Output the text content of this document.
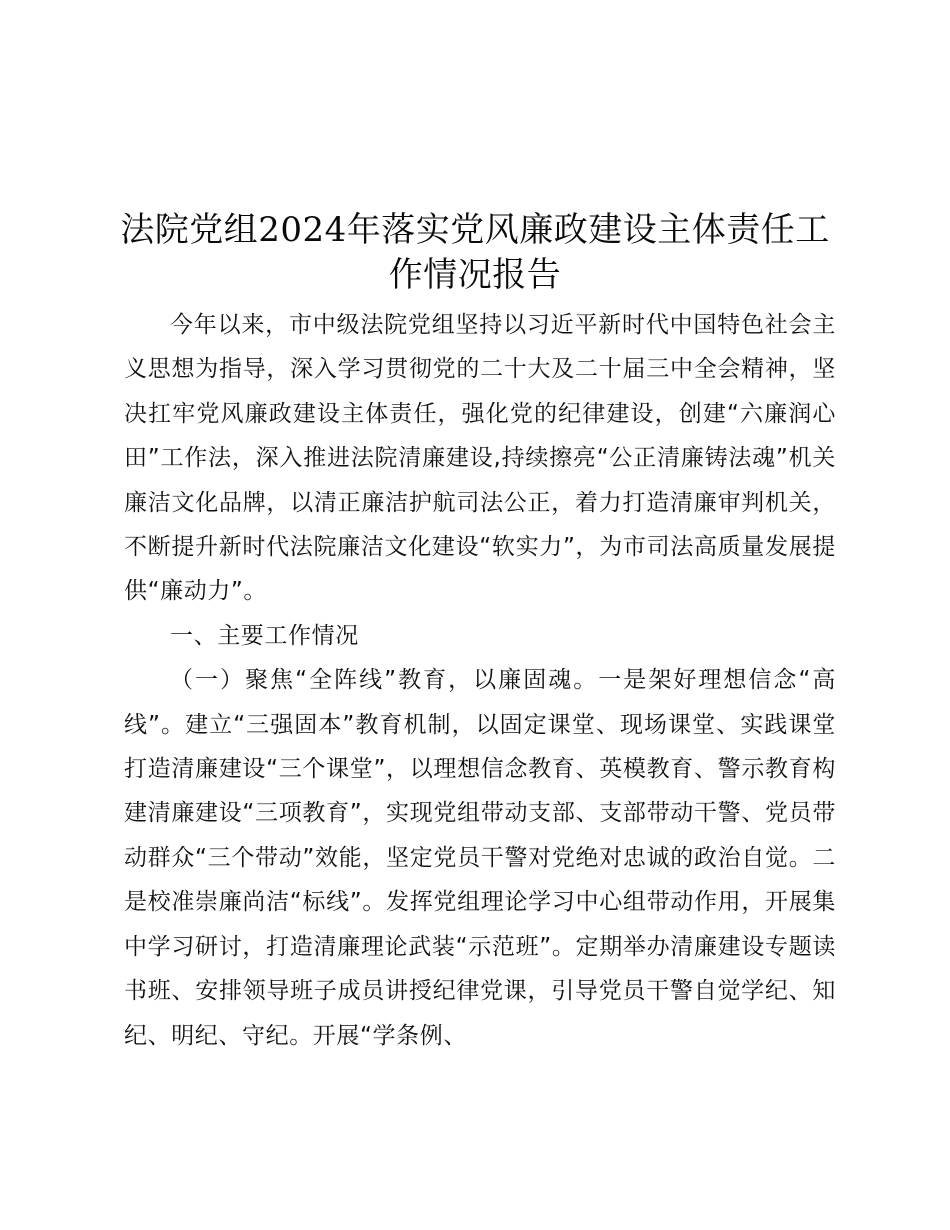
法院党组2024年落实党风廉政建设主体责任工
作情况报告

今年以来，市中级法院党组坚持以习近平新时代中国特色社会主义思想为指导，深入学习贯彻党的二十大及二十届三中全会精神，坚决扛牢党风廉政建设主体责任，强化党的纪律建设，创建“六廉润心田”工作法，深入推进法院清廉建设,持续擦亮“公正清廉铸法魂”机关廉洁文化品牌，以清正廉洁护航司法公正，着力打造清廉审判机关，不断提升新时代法院廉洁文化建设“软实力”，为市司法高质量发展提供“廉动力”。

一、主要工作情况

（一）聚焦“全阵线”教育，以廉固魂。一是架好理想信念“高线”。建立“三强固本”教育机制，以固定课堂、现场课堂、实践课堂打造清廉建设“三个课堂”，以理想信念教育、英模教育、警示教育构建清廉建设“三项教育”，实现党组带动支部、支部带动干警、党员带动群众“三个带动”效能，坚定党员干警对党绝对忠诚的政治自觉。二是校准崇廉尚洁“标线”。发挥党组理论学习中心组带动作用，开展集中学习研讨，打造清廉理论武装“示范班”。定期举办清廉建设专题读书班、安排领导班子成员讲授纪律党课，引导党员干警自觉学纪、知纪、明纪、守纪。开展“学条例、
